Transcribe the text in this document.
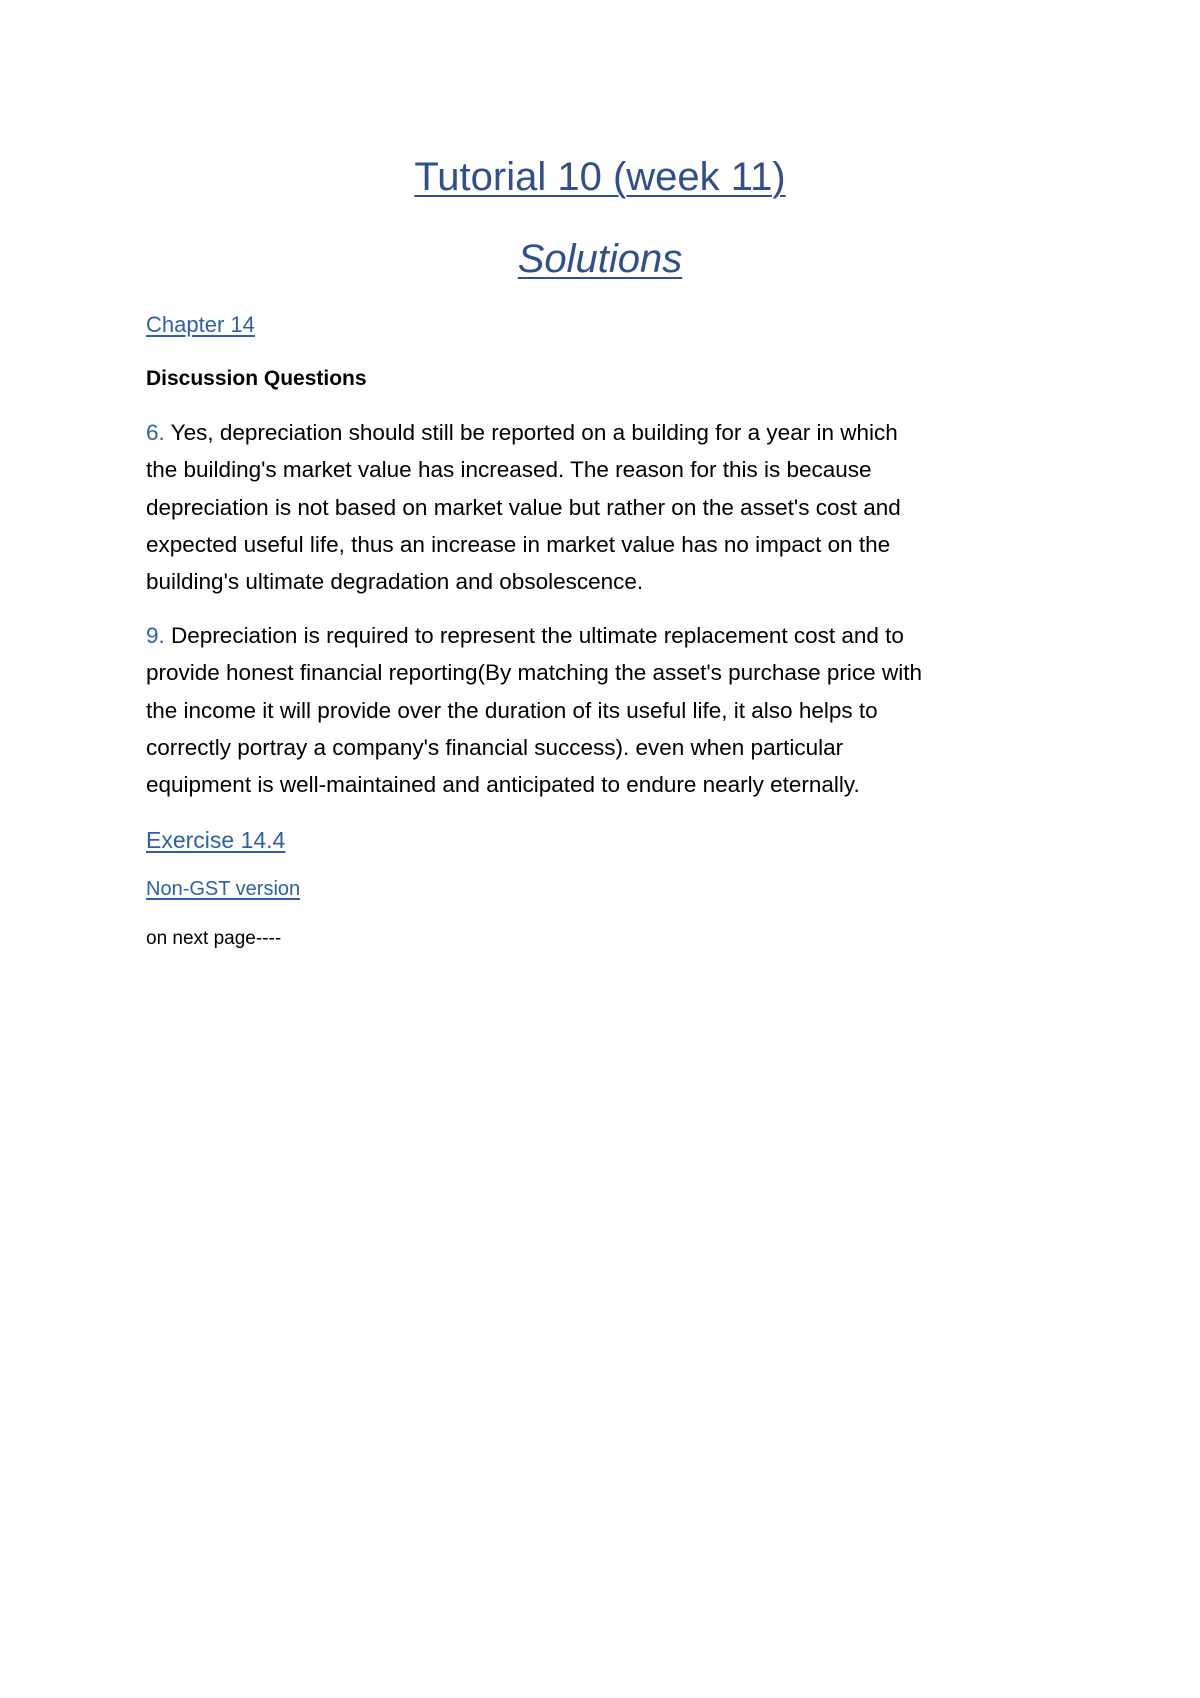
Tutorial 10 (week 11)
Solutions
Chapter 14

Discussion Questions

6. Yes, depreciation should still be reported on a building for a year in which
the building's market value has increased. The reason for this is because
depreciation is not based on market value but rather on the asset's cost and
expected useful life, thus an increase in market value has no impact on the
building's ultimate degradation and obsolescence.

9. Depreciation is required to represent the ultimate replacement cost and to
provide honest financial reporting(By matching the asset's purchase price with
the income it will provide over the duration of its useful life, it also helps to
correctly portray a company's financial success). even when particular
equipment is well-maintained and anticipated to endure nearly eternally.

Exercise 14.4
Non-GST version

on next page----
